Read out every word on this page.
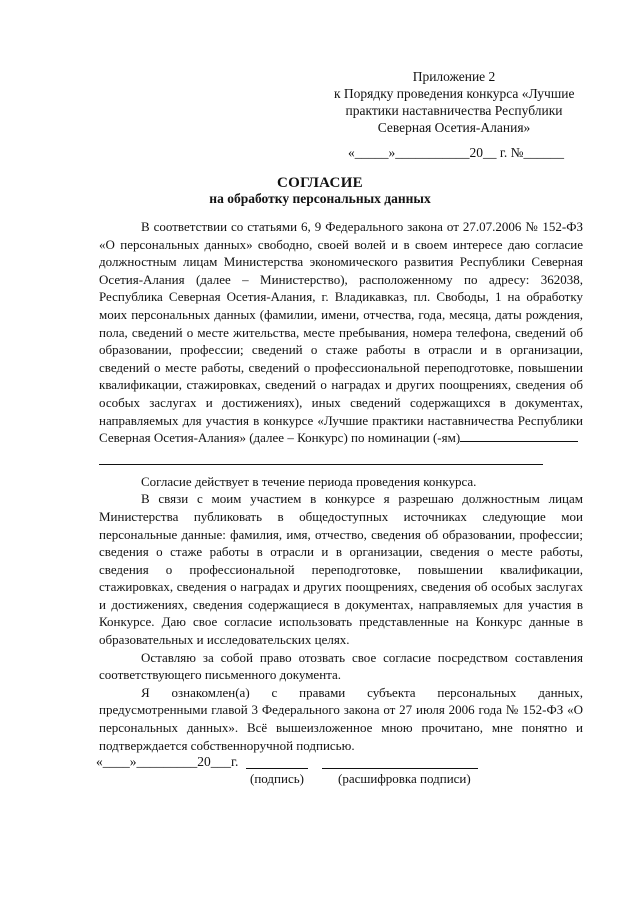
Приложение 2
к Порядку проведения конкурса «Лучшие
практики наставничества Республики
Северная Осетия-Алания»
«_____»___________20__ г. №______
СОГЛАСИЕ
на обработку персональных данных

В соответствии со статьями 6, 9 Федерального закона от 27.07.2006 № 152-ФЗ «О персональных данных» свободно, своей волей и в своем интересе даю согласие должностным лицам Министерства экономического развития Республики Северная Осетия-Алания (далее – Министерство), расположенному по адресу: 362038, Республика Северная Осетия-Алания, г. Владикавказ, пл. Свободы, 1 на обработку моих персональных данных (фамилии, имени, отчества, года, месяца, даты рождения, пола, сведений о месте жительства, месте пребывания, номера телефона, сведений об образовании, профессии; сведений о стаже работы в отрасли и в организации, сведений о месте работы, сведений о профессиональной переподготовке, повышении квалификации, стажировках, сведений о наградах и других поощрениях, сведения об особых заслугах и достижениях), иных сведений содержащихся в документах, направляемых для участия в конкурсе «Лучшие практики наставничества Республики Северная Осетия-Алания» (далее – Конкурс) по номинации (-ям)

Согласие действует в течение периода проведения конкурса.

В связи с моим участием в конкурсе я разрешаю должностным лицам Министерства публиковать в общедоступных источниках следующие мои персональные данные: фамилия, имя, отчество, сведения об образовании, профессии; сведения о стаже работы в отрасли и в организации, сведения о месте работы, сведения о профессиональной переподготовке, повышении квалификации, стажировках, сведения о наградах и других поощрениях, сведения об особых заслугах и достижениях, сведения содержащиеся в документах, направляемых для участия в Конкурсе. Даю свое согласие использовать представленные на Конкурс данные в образовательных и исследовательских целях.

Оставляю за собой право отозвать свое согласие посредством составления соответствующего письменного документа.

Я ознакомлен(а) с правами субъекта персональных данных, предусмотренными главой 3 Федерального закона от 27 июля 2006 года № 152-ФЗ «О персональных данных». Всё вышеизложенное мною прочитано, мне понятно и подтверждается собственноручной подписью.

«____»_________20___г.
(подпись)	(расшифровка подписи)
